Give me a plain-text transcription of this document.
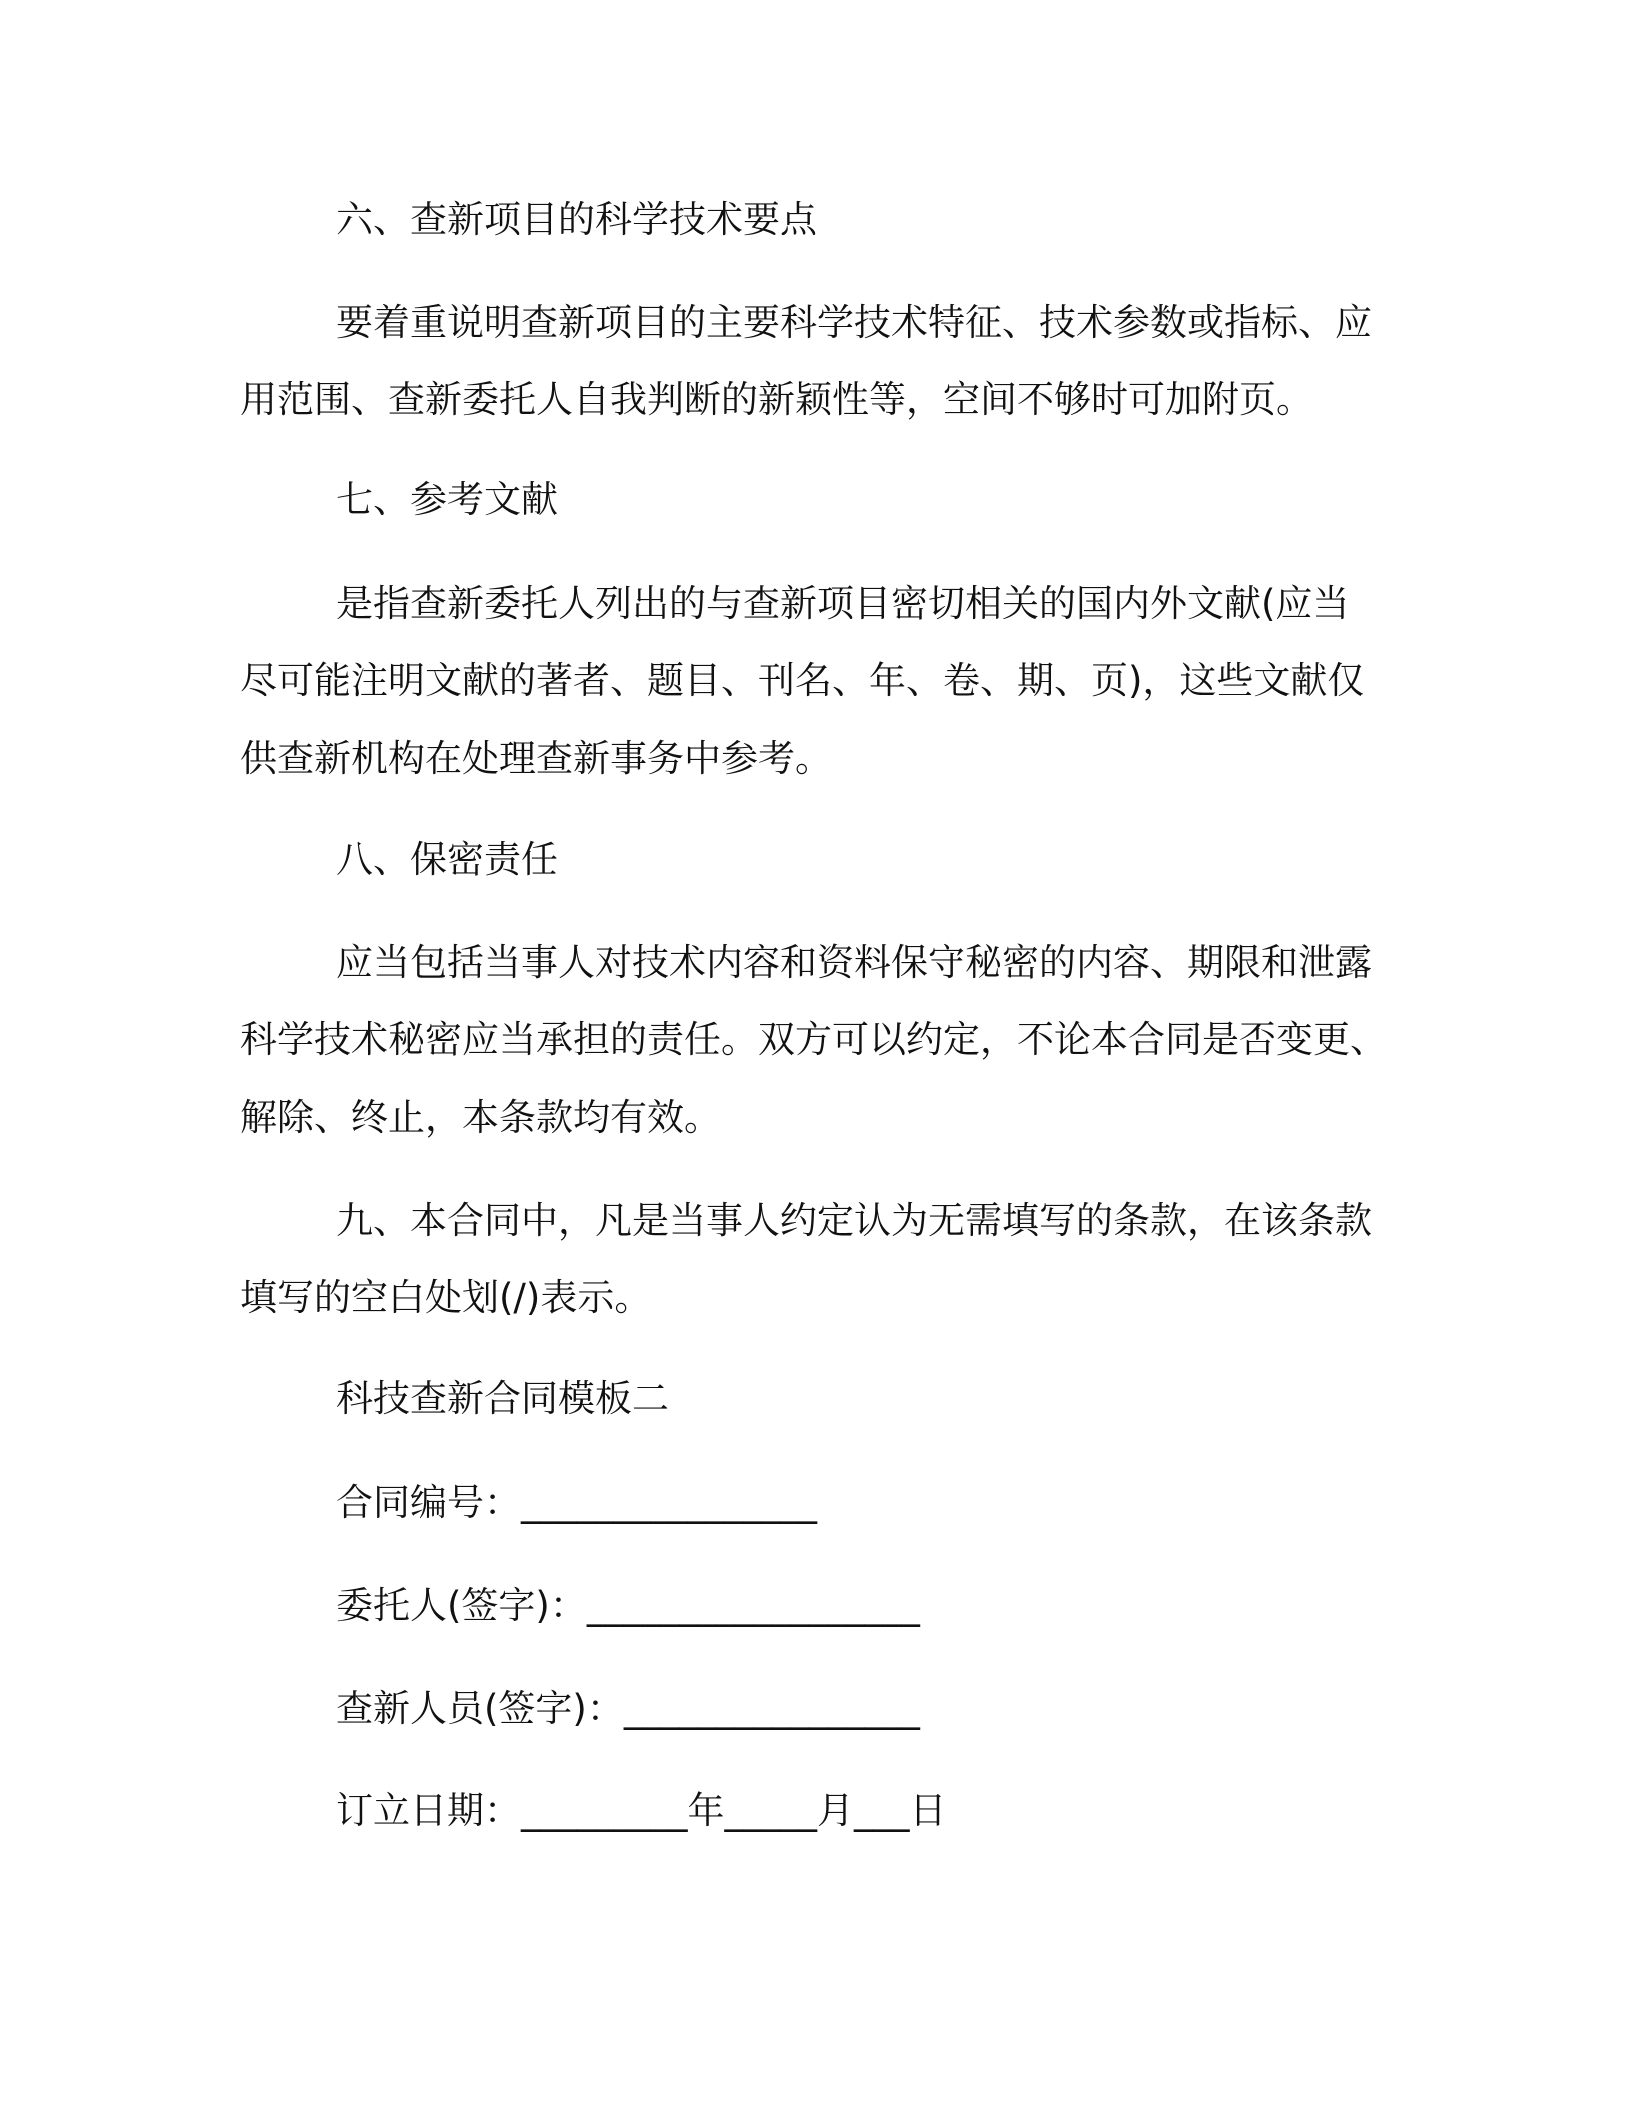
六、查新项目的科学技术要点
要着重说明查新项目的主要科学技术特征、技术参数或指标、应
用范围、查新委托人自我判断的新颖性等，空间不够时可加附页。
七、参考文献
是指查新委托人列出的与查新项目密切相关的国内外文献(应当
尽可能注明文献的著者、题目、刊名、年、卷、期、页)，这些文献仅
供查新机构在处理查新事务中参考。
八、保密责任
应当包括当事人对技术内容和资料保守秘密的内容、期限和泄露
科学技术秘密应当承担的责任。双方可以约定，不论本合同是否变更、
解除、终止，本条款均有效。
九、本合同中，凡是当事人约定认为无需填写的条款，在该条款
填写的空白处划(/)表示。
科技查新合同模板二
合同编号：________________
委托人(签字)：__________________
查新人员(签字)：________________
订立日期：_________年_____月___日
